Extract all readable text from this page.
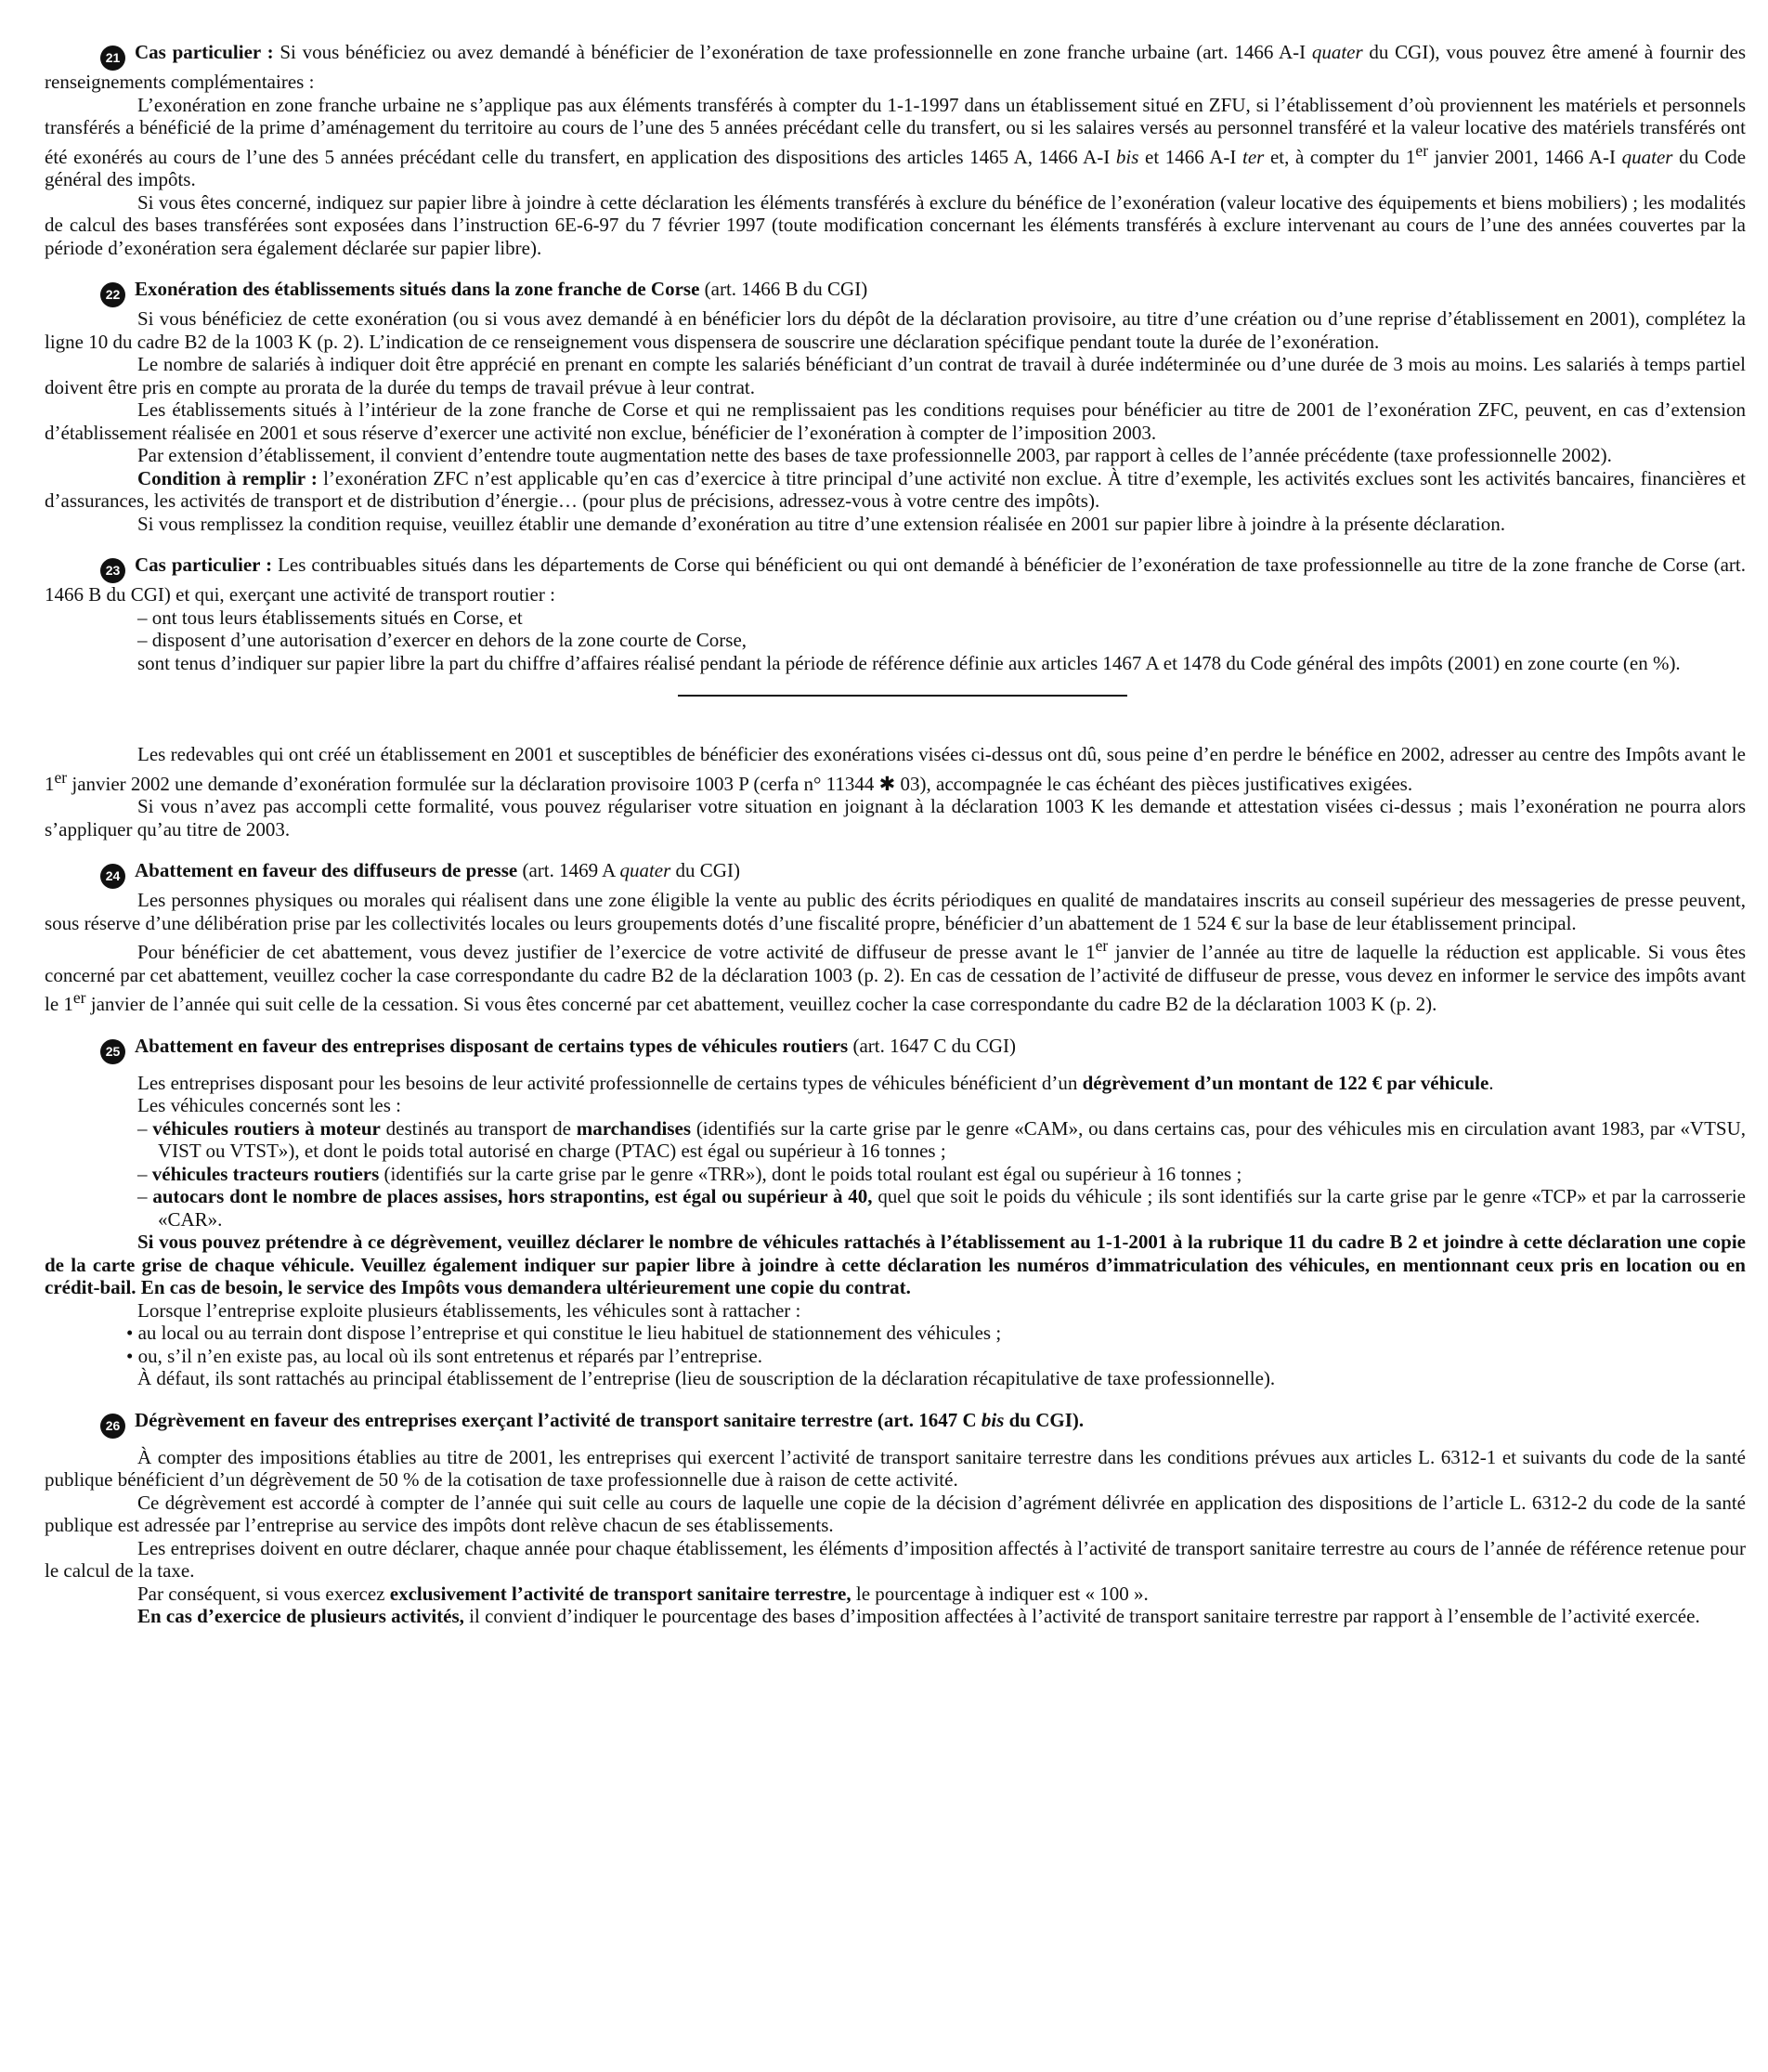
21 Cas particulier : Si vous bénéficiez ou avez demandé à bénéficier de l’exonération de taxe professionnelle en zone franche urbaine (art. 1466 A-I quater du CGI), vous pouvez être amené à fournir des renseignements complémentaires :

L’exonération en zone franche urbaine ne s’applique pas aux éléments transférés à compter du 1-1-1997 dans un établissement situé en ZFU, si l’établissement d’où proviennent les matériels et personnels transférés a bénéficié de la prime d’aménagement du territoire au cours de l’une des 5 années précédant celle du transfert, ou si les salaires versés au personnel transféré et la valeur locative des matériels transférés ont été exonérés au cours de l’une des 5 années précédant celle du transfert, en application des dispositions des articles 1465 A, 1466 A-I bis et 1466 A-I ter et, à compter du 1er janvier 2001, 1466 A-I quater du Code général des impôts.

Si vous êtes concerné, indiquez sur papier libre à joindre à cette déclaration les éléments transférés à exclure du bénéfice de l’exonération (valeur locative des équipements et biens mobiliers) ; les modalités de calcul des bases transférées sont exposées dans l’instruction 6E-6-97 du 7 février 1997 (toute modification concernant les éléments transférés à exclure intervenant au cours de l’une des années couvertes par la période d’exonération sera également déclarée sur papier libre).

22 Exonération des établissements situés dans la zone franche de Corse (art. 1466 B du CGI)

Si vous bénéficiez de cette exonération (ou si vous avez demandé à en bénéficier lors du dépôt de la déclaration provisoire, au titre d’une création ou d’une reprise d’établissement en 2001), complétez la ligne 10 du cadre B2 de la 1003 K (p. 2). L’indication de ce renseignement vous dispensera de souscrire une déclaration spécifique pendant toute la durée de l’exonération.

Le nombre de salariés à indiquer doit être apprécié en prenant en compte les salariés bénéficiant d’un contrat de travail à durée indéterminée ou d’une durée de 3 mois au moins. Les salariés à temps partiel doivent être pris en compte au prorata de la durée du temps de travail prévue à leur contrat.

Les établissements situés à l’intérieur de la zone franche de Corse et qui ne remplissaient pas les conditions requises pour bénéficier au titre de 2001 de l’exonération ZFC, peuvent, en cas d’extension d’établissement réalisée en 2001 et sous réserve d’exercer une activité non exclue, bénéficier de l’exonération à compter de l’imposition 2003.

Par extension d’établissement, il convient d’entendre toute augmentation nette des bases de taxe professionnelle 2003, par rapport à celles de l’année précédente (taxe professionnelle 2002).

Condition à remplir : l’exonération ZFC n’est applicable qu’en cas d’exercice à titre principal d’une activité non exclue. À titre d’exemple, les activités exclues sont les activités bancaires, financières et d’assurances, les activités de transport et de distribution d’énergie… (pour plus de précisions, adressez-vous à votre centre des impôts).

Si vous remplissez la condition requise, veuillez établir une demande d’exonération au titre d’une extension réalisée en 2001 sur papier libre à joindre à la présente déclaration.

23 Cas particulier : Les contribuables situés dans les départements de Corse qui bénéficient ou qui ont demandé à bénéficier de l’exonération de taxe professionnelle au titre de la zone franche de Corse (art. 1466 B du CGI) et qui, exerçant une activité de transport routier :

– ont tous leurs établissements situés en Corse, et

– disposent d’une autorisation d’exercer en dehors de la zone courte de Corse,

sont tenus d’indiquer sur papier libre la part du chiffre d’affaires réalisé pendant la période de référence définie aux articles 1467 A et 1478 du Code général des impôts (2001) en zone courte (en %).

Les redevables qui ont créé un établissement en 2001 et susceptibles de bénéficier des exonérations visées ci-dessus ont dû, sous peine d’en perdre le bénéfice en 2002, adresser au centre des Impôts avant le 1er janvier 2002 une demande d’exonération formulée sur la déclaration provisoire 1003 P (cerfa n° 11344 ✱ 03), accompagnée le cas échéant des pièces justificatives exigées.

Si vous n’avez pas accompli cette formalité, vous pouvez régulariser votre situation en joignant à la déclaration 1003 K les demande et attestation visées ci-dessus ; mais l’exonération ne pourra alors s’appliquer qu’au titre de 2003.

24 Abattement en faveur des diffuseurs de presse (art. 1469 A quater du CGI)

Les personnes physiques ou morales qui réalisent dans une zone éligible la vente au public des écrits périodiques en qualité de mandataires inscrits au conseil supérieur des messageries de presse peuvent, sous réserve d’une délibération prise par les collectivités locales ou leurs groupements dotés d’une fiscalité propre, bénéficier d’un abattement de 1 524 € sur la base de leur établissement principal.

Pour bénéficier de cet abattement, vous devez justifier de l’exercice de votre activité de diffuseur de presse avant le 1er janvier de l’année au titre de laquelle la réduction est applicable. Si vous êtes concerné par cet abattement, veuillez cocher la case correspondante du cadre B2 de la déclaration 1003 (p. 2). En cas de cessation de l’activité de diffuseur de presse, vous devez en informer le service des impôts avant le 1er janvier de l’année qui suit celle de la cessation. Si vous êtes concerné par cet abattement, veuillez cocher la case correspondante du cadre B2 de la déclaration 1003 K (p. 2).

25 Abattement en faveur des entreprises disposant de certains types de véhicules routiers (art. 1647 C du CGI)

Les entreprises disposant pour les besoins de leur activité professionnelle de certains types de véhicules bénéficient d’un dégrèvement d’un montant de 122 € par véhicule.

Les véhicules concernés sont les :

– véhicules routiers à moteur destinés au transport de marchandises (identifiés sur la carte grise par le genre «CAM», ou dans certains cas, pour des véhicules mis en circulation avant 1983, par «VTSU, VIST ou VTST»), et dont le poids total autorisé en charge (PTAC) est égal ou supérieur à 16 tonnes ;

– véhicules tracteurs routiers (identifiés sur la carte grise par le genre «TRR»), dont le poids total roulant est égal ou supérieur à 16 tonnes ;

– autocars dont le nombre de places assises, hors strapontins, est égal ou supérieur à 40, quel que soit le poids du véhicule ; ils sont identifiés sur la carte grise par le genre «TCP» et par la carrosserie «CAR».

Si vous pouvez prétendre à ce dégrèvement, veuillez déclarer le nombre de véhicules rattachés à l’établissement au 1-1-2001 à la rubrique 11 du cadre B 2 et joindre à cette déclaration une copie de la carte grise de chaque véhicule. Veuillez également indiquer sur papier libre à joindre à cette déclaration les numéros d’immatriculation des véhicules, en mentionnant ceux pris en location ou en crédit-bail. En cas de besoin, le service des Impôts vous demandera ultérieurement une copie du contrat.

Lorsque l’entreprise exploite plusieurs établissements, les véhicules sont à rattacher :

• au local ou au terrain dont dispose l’entreprise et qui constitue le lieu habituel de stationnement des véhicules ;

• ou, s’il n’en existe pas, au local où ils sont entretenus et réparés par l’entreprise.

À défaut, ils sont rattachés au principal établissement de l’entreprise (lieu de souscription de la déclaration récapitulative de taxe professionnelle).

26 Dégrèvement en faveur des entreprises exerçant l’activité de transport sanitaire terrestre (art. 1647 C bis du CGI).

À compter des impositions établies au titre de 2001, les entreprises qui exercent l’activité de transport sanitaire terrestre dans les conditions prévues aux articles L. 6312-1 et suivants du code de la santé publique bénéficient d’un dégrèvement de 50 % de la cotisation de taxe professionnelle due à raison de cette activité.

Ce dégrèvement est accordé à compter de l’année qui suit celle au cours de laquelle une copie de la décision d’agrément délivrée en application des dispositions de l’article L. 6312-2 du code de la santé publique est adressée par l’entreprise au service des impôts dont relève chacun de ses établissements.

Les entreprises doivent en outre déclarer, chaque année pour chaque établissement, les éléments d’imposition affectés à l’activité de transport sanitaire terrestre au cours de l’année de référence retenue pour le calcul de la taxe.

Par conséquent, si vous exercez exclusivement l’activité de transport sanitaire terrestre, le pourcentage à indiquer est « 100 ».

En cas d’exercice de plusieurs activités, il convient d’indiquer le pourcentage des bases d’imposition affectées à l’activité de transport sanitaire terrestre par rapport à l’ensemble de l’activité exercée.
